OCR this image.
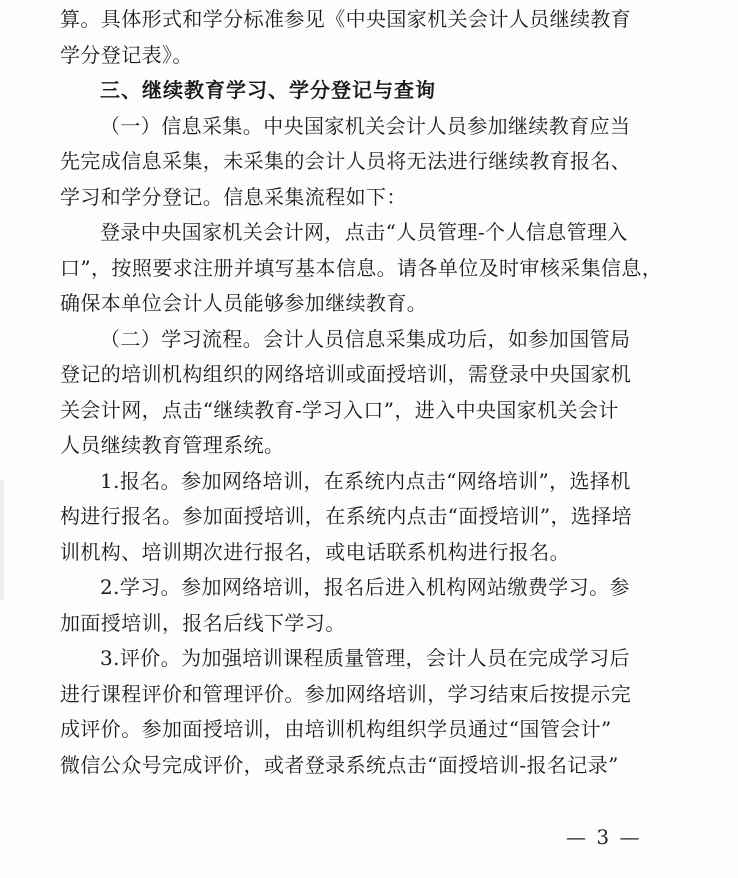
算。具体形式和学分标准参见《中央国家机关会计人员继续教育
学分登记表》。
三、继续教育学习、学分登记与查询
（一）信息采集。中央国家机关会计人员参加继续教育应当
先完成信息采集，未采集的会计人员将无法进行继续教育报名、
学习和学分登记。信息采集流程如下：
登录中央国家机关会计网，点击“人员管理-个人信息管理入
口”，按照要求注册并填写基本信息。请各单位及时审核采集信息，
确保本单位会计人员能够参加继续教育。
（二）学习流程。会计人员信息采集成功后，如参加国管局
登记的培训机构组织的网络培训或面授培训，需登录中央国家机
关会计网，点击“继续教育-学习入口”，进入中央国家机关会计
人员继续教育管理系统。
1.报名。参加网络培训，在系统内点击“网络培训”，选择机
构进行报名。参加面授培训，在系统内点击“面授培训”，选择培
训机构、培训期次进行报名，或电话联系机构进行报名。
2.学习。参加网络培训，报名后进入机构网站缴费学习。参
加面授培训，报名后线下学习。
3.评价。为加强培训课程质量管理，会计人员在完成学习后
进行课程评价和管理评价。参加网络培训，学习结束后按提示完
成评价。参加面授培训，由培训机构组织学员通过“国管会计”
微信公众号完成评价，或者登录系统点击“面授培训-报名记录”

— 3 —
